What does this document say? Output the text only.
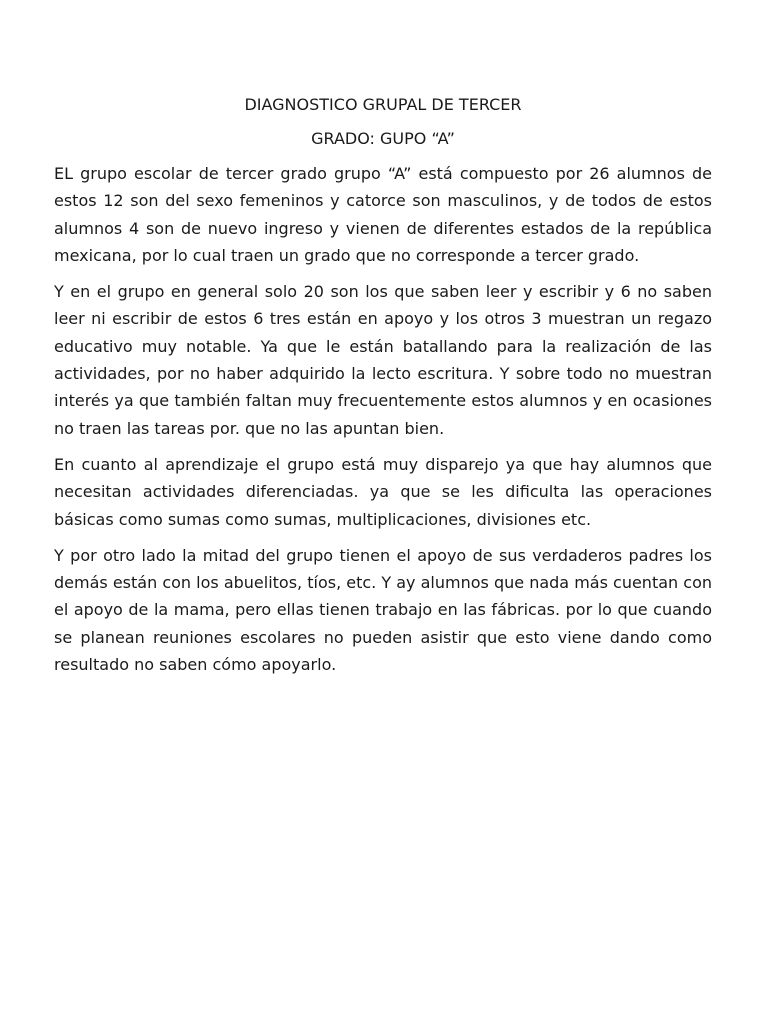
DIAGNOSTICO GRUPAL DE TERCER

GRADO: GUPO “A”

EL grupo escolar de tercer grado grupo “A” está compuesto por 26 alumnos de estos 12 son del sexo femeninos y catorce son masculinos, y de todos de estos alumnos 4 son de nuevo ingreso y vienen de diferentes estados de la república mexicana, por lo cual traen un grado que no corresponde a tercer grado.

Y en el grupo en general solo 20 son los que saben leer y escribir y 6 no saben leer ni escribir de estos 6 tres están en apoyo y los otros 3 muestran un regazo educativo muy notable. Ya que le están batallando para la realización de las actividades, por no haber adquirido la lecto escritura. Y sobre todo no muestran interés ya que también faltan muy frecuentemente estos alumnos y en ocasiones no traen las tareas por. que no las apuntan bien.

En cuanto al aprendizaje el grupo está muy disparejo ya que hay alumnos que necesitan actividades diferenciadas. ya que se les dificulta las operaciones básicas como sumas como sumas, multiplicaciones, divisiones etc.

Y por otro lado la mitad del grupo tienen el apoyo de sus verdaderos padres los demás están con los abuelitos, tíos, etc. Y ay alumnos que nada más cuentan con el apoyo de la mama, pero ellas tienen trabajo en las fábricas. por lo que cuando se planean reuniones escolares no pueden asistir que esto viene dando como resultado no saben cómo apoyarlo.
